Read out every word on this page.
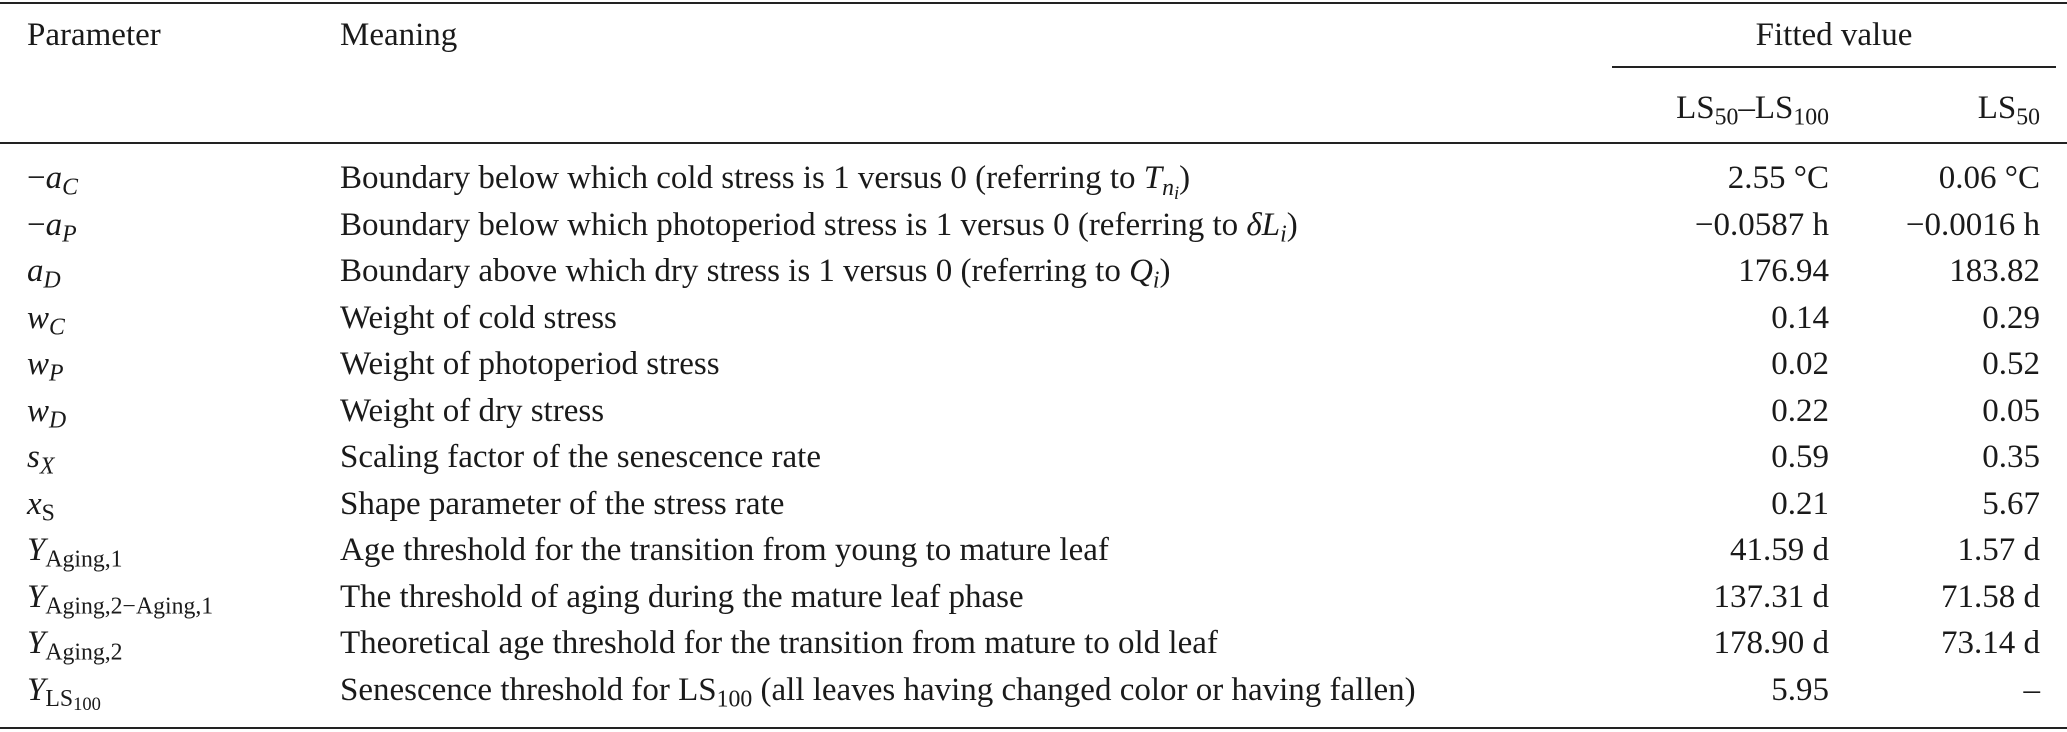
Parameter	Meaning	Fitted value
$LS_{50}-LS_{100}$	$LS_{50}$
$-a_C$	Boundary below which cold stress is 1 versus 0 (referring to $T_{n_i}$)	2.55 °C	0.06 °C
$-a_P$	Boundary below which photoperiod stress is 1 versus 0 (referring to $\delta L_i$)	−0.0587 h −0.0016 h
$a_D$	Boundary above which dry stress is 1 versus 0 (referring to $Q_i$)	176.94	183.82
$w_C$	Weight of cold stress	0.14	0.29
$w_P$	Weight of photoperiod stress	0.02	0.52
$w_D$	Weight of dry stress	0.22	0.05
$s_X$	Scaling factor of the senescence rate	0.59	0.35
$x_S$	Shape parameter of the stress rate	0.21	5.67
$Y_{Aging,1}$	Age threshold for the transition from young to mature leaf	41.59 d	1.57 d
$Y_{Aging,2-Aging,1}$	The threshold of aging during the mature leaf phase	137.31 d	71.58 d
$Y_{Aging,2}$	Theoretical age threshold for the transition from mature to old leaf	178.90 d	73.14 d
$Y_{LS_{100}}$	Senescence threshold for $LS_{100}$ (all leaves having changed color or having fallen)	5.95	–
